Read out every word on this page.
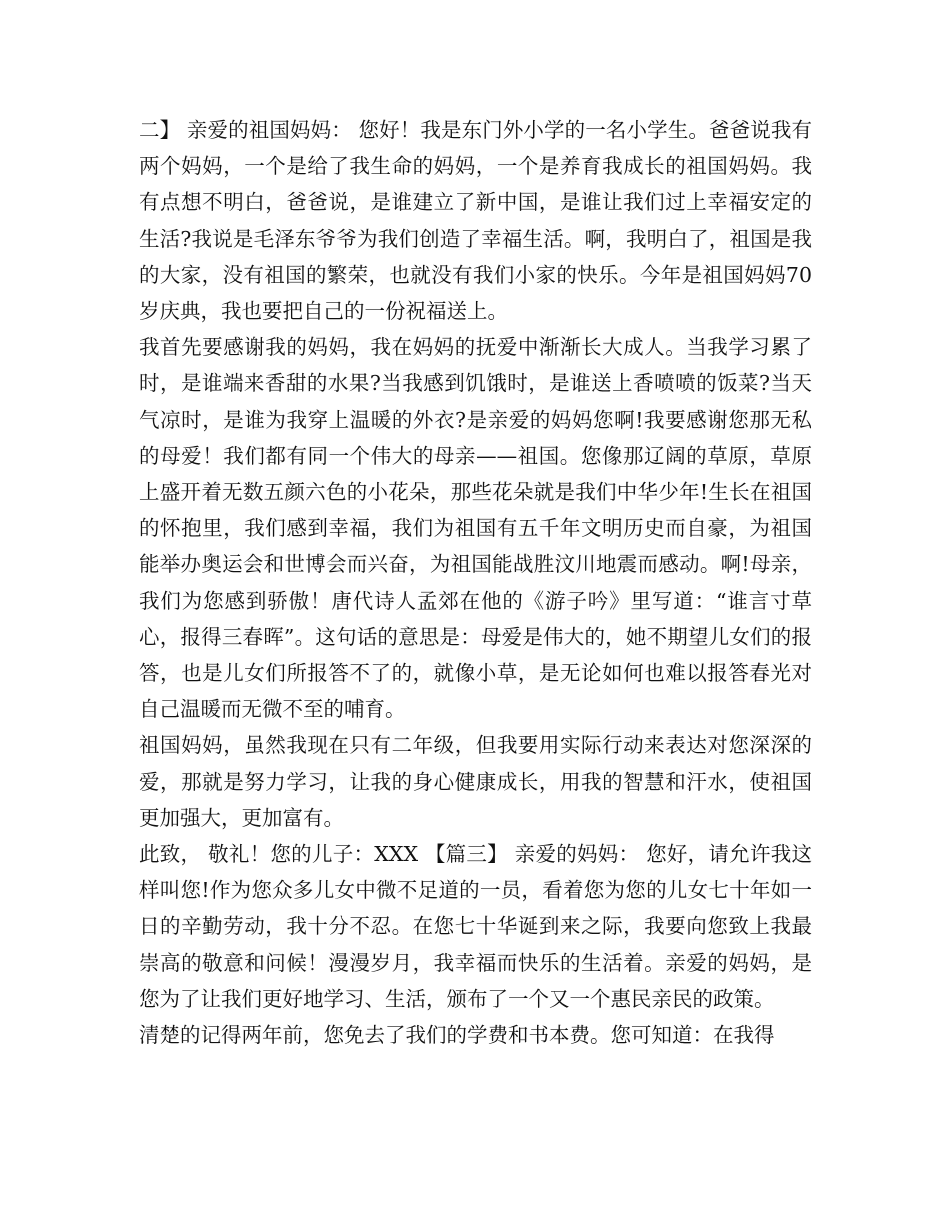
二】 亲爱的祖国妈妈： 您好！我是东门外小学的一名小学生。爸爸说我有两个妈妈，一个是给了我生命的妈妈，一个是养育我成长的祖国妈妈。我有点想不明白，爸爸说，是谁建立了新中国，是谁让我们过上幸福安定的生活?我说是毛泽东爷爷为我们创造了幸福生活。啊，我明白了，祖国是我的大家，没有祖国的繁荣，也就没有我们小家的快乐。今年是祖国妈妈70岁庆典，我也要把自己的一份祝福送上。

我首先要感谢我的妈妈，我在妈妈的抚爱中渐渐长大成人。当我学习累了时，是谁端来香甜的水果?当我感到饥饿时，是谁送上香喷喷的饭菜?当天气凉时，是谁为我穿上温暖的外衣?是亲爱的妈妈您啊!我要感谢您那无私的母爱！我们都有同一个伟大的母亲——祖国。您像那辽阔的草原，草原上盛开着无数五颜六色的小花朵，那些花朵就是我们中华少年!生长在祖国的怀抱里，我们感到幸福，我们为祖国有五千年文明历史而自豪，为祖国能举办奥运会和世博会而兴奋，为祖国能战胜汶川地震而感动。啊!母亲，我们为您感到骄傲！唐代诗人孟郊在他的《游子吟》里写道：“谁言寸草心，报得三春晖”。这句话的意思是：母爱是伟大的，她不期望儿女们的报答，也是儿女们所报答不了的，就像小草，是无论如何也难以报答春光对自己温暖而无微不至的哺育。

祖国妈妈，虽然我现在只有二年级，但我要用实际行动来表达对您深深的爱，那就是努力学习，让我的身心健康成长，用我的智慧和汗水，使祖国更加强大，更加富有。

此致， 敬礼！您的儿子：XXX 【篇三】 亲爱的妈妈： 您好，请允许我这样叫您!作为您众多儿女中微不足道的一员，看着您为您的儿女七十年如一日的辛勤劳动，我十分不忍。在您七十华诞到来之际，我要向您致上我最崇高的敬意和问候！漫漫岁月，我幸福而快乐的生活着。亲爱的妈妈，是您为了让我们更好地学习、生活，颁布了一个又一个惠民亲民的政策。

清楚的记得两年前，您免去了我们的学费和书本费。您可知道：在我得
